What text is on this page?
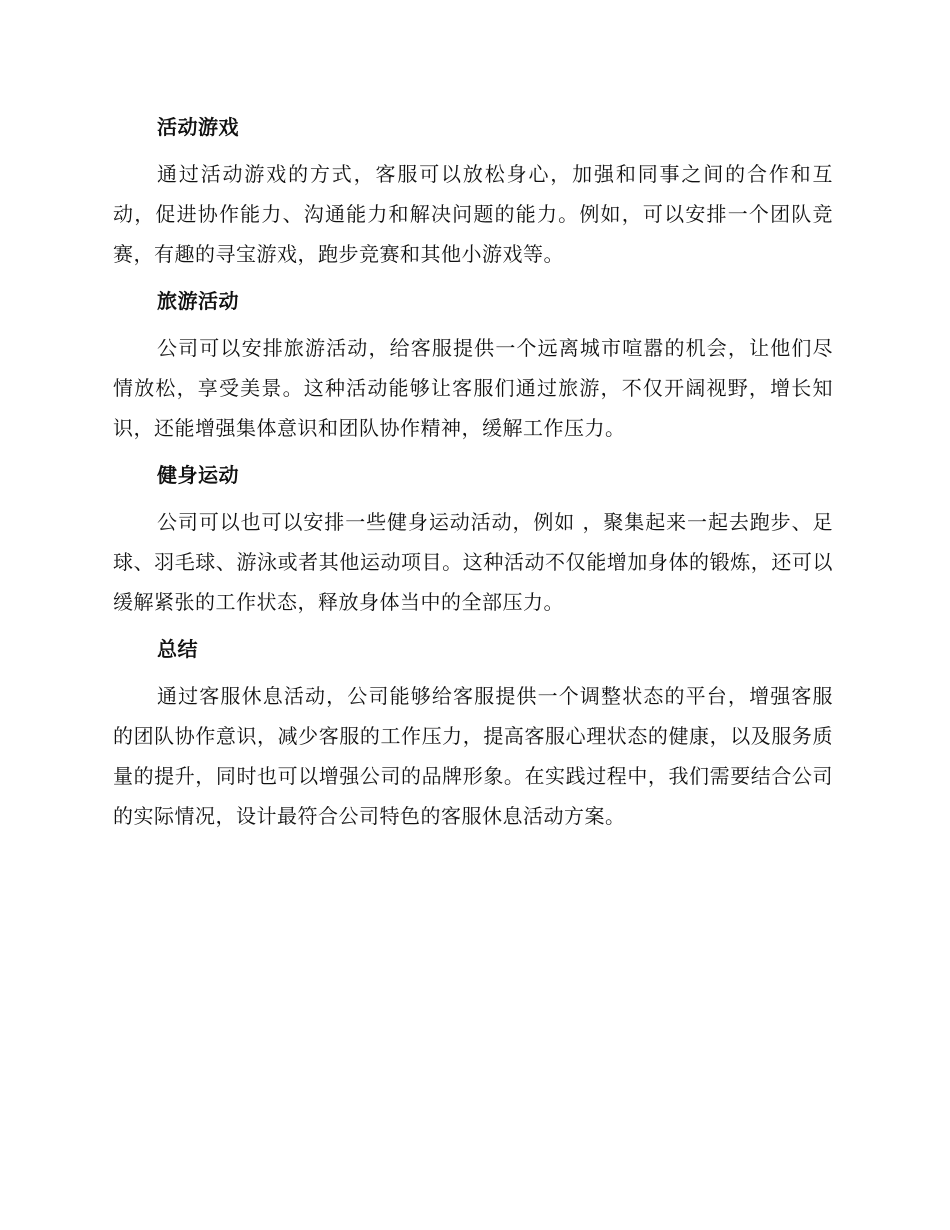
活动游戏

通过活动游戏的方式，客服可以放松身心，加强和同事之间的合作和互动，促进协作能力、沟通能力和解决问题的能力。例如，可以安排一个团队竞赛，有趣的寻宝游戏，跑步竞赛和其他小游戏等。

旅游活动

公司可以安排旅游活动，给客服提供一个远离城市喧嚣的机会，让他们尽情放松，享受美景。这种活动能够让客服们通过旅游，不仅开阔视野，增长知识，还能增强集体意识和团队协作精神，缓解工作压力。

健身运动

公司可以也可以安排一些健身运动活动，例如 ，聚集起来一起去跑步、足球、羽毛球、游泳或者其他运动项目。这种活动不仅能增加身体的锻炼，还可以缓解紧张的工作状态，释放身体当中的全部压力。

总结

通过客服休息活动，公司能够给客服提供一个调整状态的平台，增强客服的团队协作意识，减少客服的工作压力，提高客服心理状态的健康，以及服务质量的提升，同时也可以增强公司的品牌形象。在实践过程中，我们需要结合公司的实际情况，设计最符合公司特色的客服休息活动方案。
